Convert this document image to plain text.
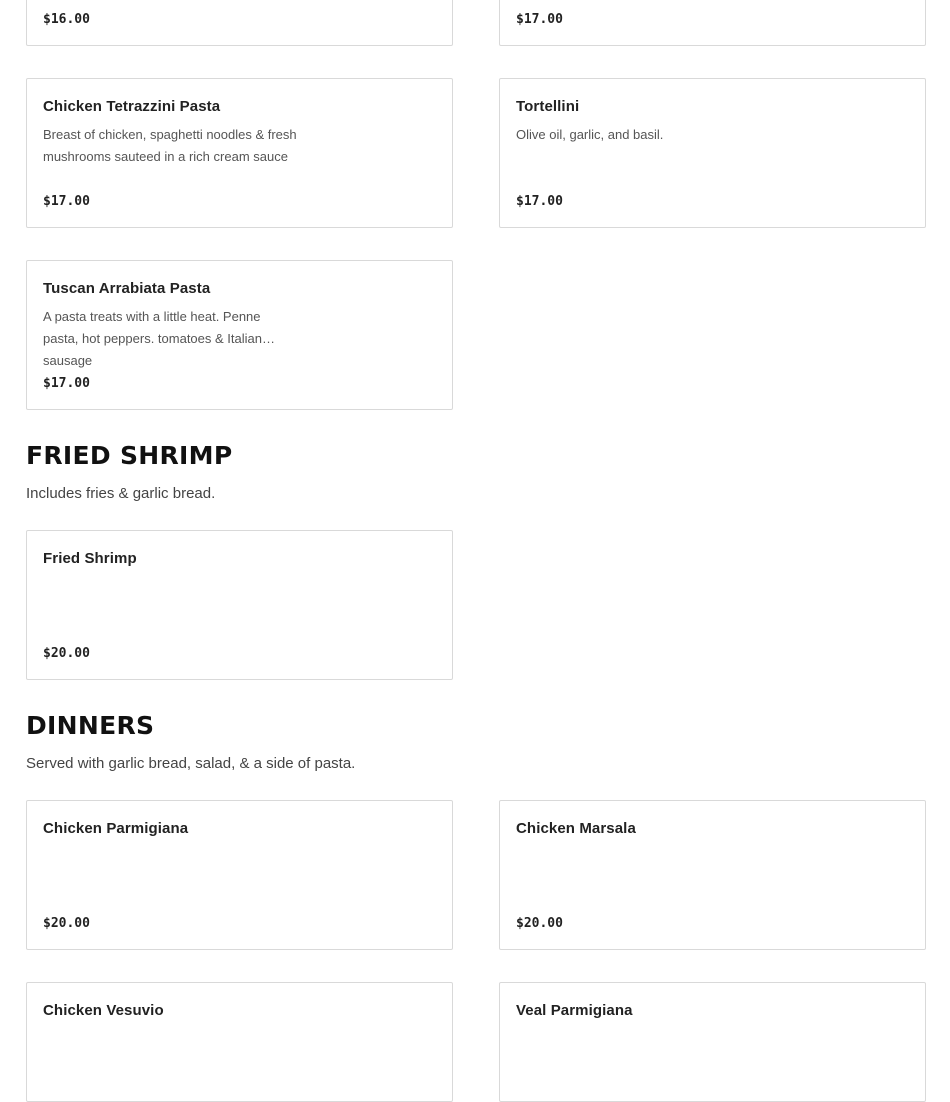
$16.00	$17.00
Chicken Tetrazzini Pasta
Breast of chicken, spaghetti noodles & fresh mushrooms sauteed in a rich cream sauce
$17.00
Tortellini
Olive oil, garlic, and basil.
$17.00
Tuscan Arrabiata Pasta
A pasta treats with a little heat. Penne pasta, hot peppers. tomatoes & Italian sausage
$17.00
FRIED SHRIMP

Includes fries & garlic bread.

Fried Shrimp
$20.00
DINNERS

Served with garlic bread, salad, & a side of pasta.

Chicken Parmigiana
$20.00
Chicken Marsala
$20.00
Chicken Vesuvio	Veal Parmigiana
